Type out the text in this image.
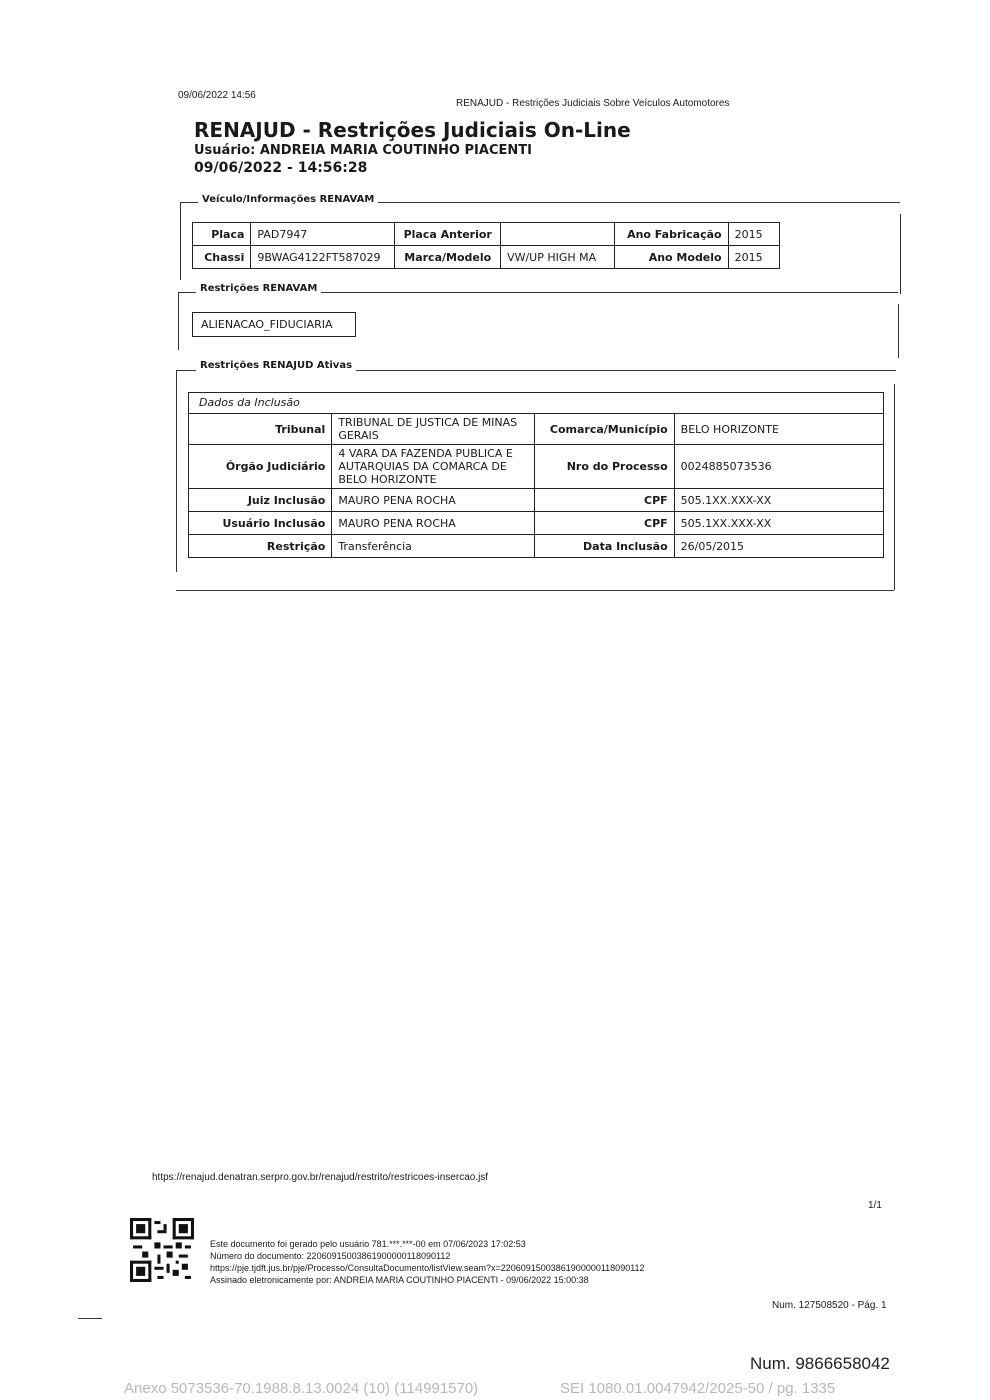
09/06/2022 14:56
RENAJUD - Restrições Judiciais Sobre Veículos Automotores
RENAJUD - Restrições Judiciais On-Line
Usuário: ANDREIA MARIA COUTINHO PIACENTI
09/06/2022 - 14:56:28
Veículo/Informações RENAVAM
Placa	PAD7947	Placa Anterior		Ano Fabricação	2015
Chassi	9BWAG4122FT587029	Marca/Modelo	VW/UP HIGH MA	Ano Modelo	2015
Restrições RENAVAM
ALIENACAO_FIDUCIARIA
Restrições RENAJUD Ativas
Dados da Inclusão
Tribunal	TRIBUNAL DE JUSTICA DE MINAS GERAIS	Comarca/Município	BELO HORIZONTE
Órgão Judiciário	4 VARA DA FAZENDA PUBLICA E AUTARQUIAS DA COMARCA DE BELO HORIZONTE	Nro do Processo	0024885073536
Juiz Inclusão	MAURO PENA ROCHA	CPF	505.1XX.XXX-XX
Usuário Inclusão	MAURO PENA ROCHA	CPF	505.1XX.XXX-XX
Restrição	Transferência	Data Inclusão	26/05/2015
https://renajud.denatran.serpro.gov.br/renajud/restrito/restricoes-insercao.jsf
1/1
Este documento foi gerado pelo usuário 781.***.***-00 em 07/06/2023 17:02:53
Número do documento: 22060915003861900000118090112
https://pje.tjdft.jus.br/pje/Processo/ConsultaDocumento/listView.seam?x=22060915003861900000118090112
Assinado eletronicamente por: ANDREIA MARIA COUTINHO PIACENTI - 09/06/2022 15:00:38
Num. 127508520 - Pág. 1
Num. 9866658042
Anexo 5073536-70.1988.8.13.0024 (10) (114991570)	SEI 1080.01.0047942/2025-50 / pg. 1335
